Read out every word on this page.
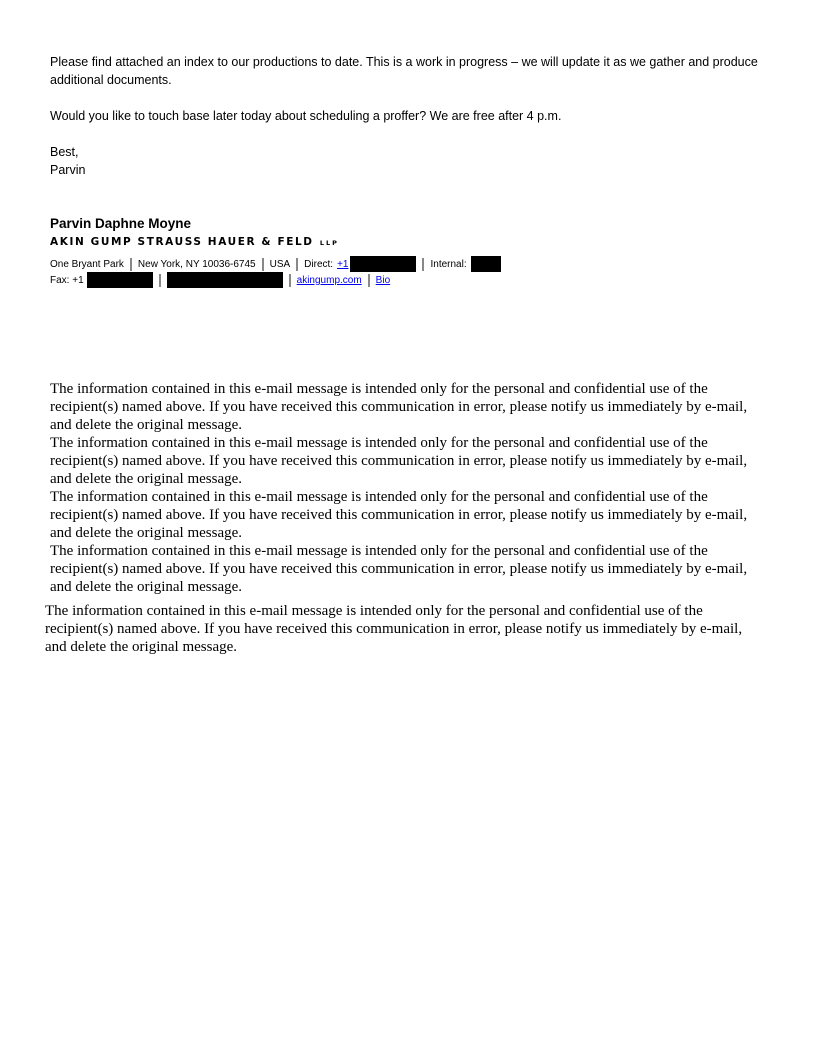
Please find attached an index to our productions to date. This is a work in progress – we will update it as we gather and produce additional documents.
Would you like to touch base later today about scheduling a proffer? We are free after 4 p.m.
Best,
Parvin
Parvin Daphne Moyne
AKIN GUMP STRAUSS HAUER & FELD LLP
One Bryant Park New York, NY 10036-6745 USA Direct: +1	Internal:
Fax: +1	akingump.com Bio

The information contained in this e-mail message is intended only for the personal and confidential use of the recipient(s) named above. If you have received this communication in error, please notify us immediately by e-mail, and delete the original message.

The information contained in this e-mail message is intended only for the personal and confidential use of the recipient(s) named above. If you have received this communication in error, please notify us immediately by e-mail, and delete the original message.

The information contained in this e-mail message is intended only for the personal and confidential use of the recipient(s) named above. If you have received this communication in error, please notify us immediately by e-mail, and delete the original message.

The information contained in this e-mail message is intended only for the personal and confidential use of the recipient(s) named above. If you have received this communication in error, please notify us immediately by e-mail, and delete the original message.

The information contained in this e-mail message is intended only for the personal and confidential use of the recipient(s) named above. If you have received this communication in error, please notify us immediately by e-mail, and delete the original message.
